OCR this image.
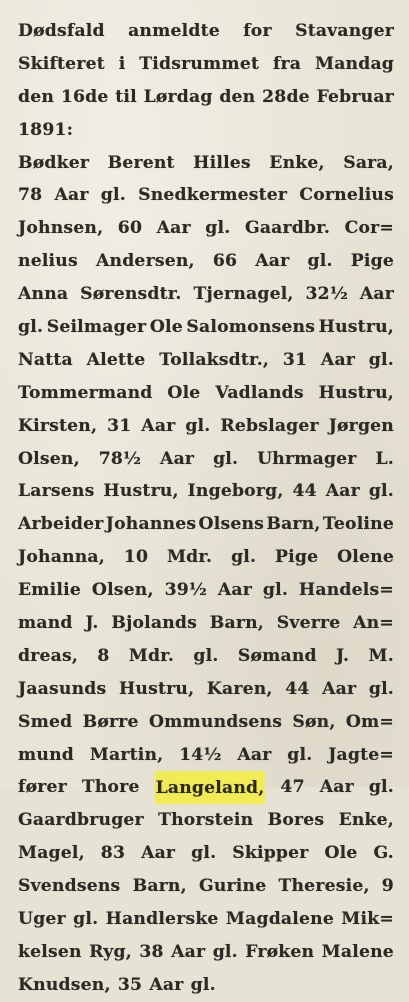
Dødsfald anmeldte for Stavanger
Skifteret i Tidsrummet fra Mandag
den 16de til Lørdag den 28de Februar
1891:
Bødker Berent Hilles Enke, Sara,
78 Aar gl. Snedkermester Cornelius
Johnsen, 60 Aar gl. Gaardbr. Cor=
nelius Andersen, 66 Aar gl. Pige
Anna Sørensdtr. Tjernagel, 32½ Aar
gl. Seilmager Ole Salomonsens Hustru,
Natta Alette Tollaksdtr., 31 Aar gl.
Tommermand Ole Vadlands Hustru,
Kirsten, 31 Aar gl. Rebslager Jørgen
Olsen, 78½ Aar gl. Uhrmager L.
Larsens Hustru, Ingeborg, 44 Aar gl.
Arbeider Johannes Olsens Barn, Teoline
Johanna, 10 Mdr. gl. Pige Olene
Emilie Olsen, 39½ Aar gl. Handels=
mand J. Bjolands Barn, Sverre An=
dreas, 8 Mdr. gl. Sømand J. M.
Jaasunds Hustru, Karen, 44 Aar gl.
Smed Børre Ommundsens Søn, Om=
mund Martin, 14½ Aar gl. Jagte=
fører Thore Langeland, 47 Aar gl.
Gaardbruger Thorstein Bores Enke,
Magel, 83 Aar gl. Skipper Ole G.
Svendsens Barn, Gurine Theresie, 9
Uger gl. Handlerske Magdalene Mik=
kelsen Ryg, 38 Aar gl. Frøken Malene
Knudsen, 35 Aar gl.
